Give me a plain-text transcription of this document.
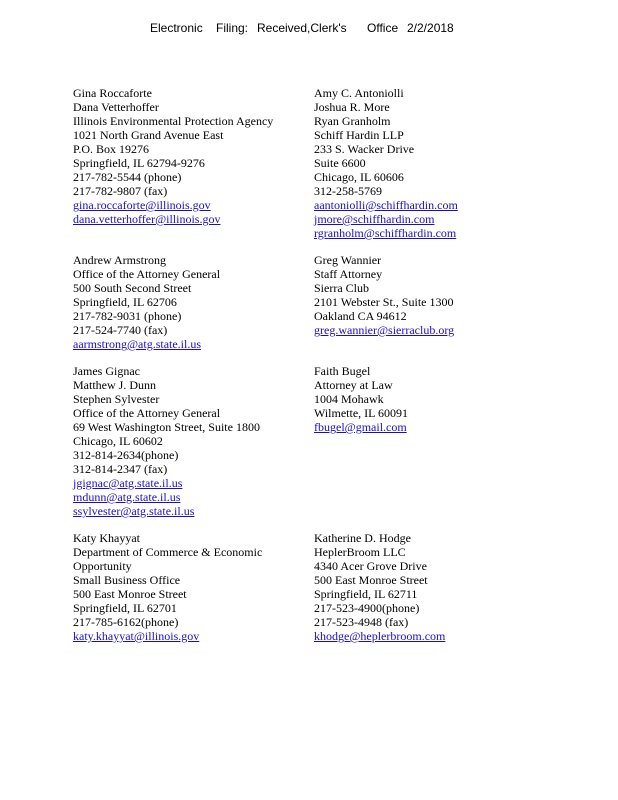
Electronic Filing: Received,Clerk's Office 2/2/2018
Gina Roccaforte
Dana Vetterhoffer
Illinois Environmental Protection Agency
1021 North Grand Avenue East
P.O. Box 19276
Springfield, IL 62794-9276
217-782-5544 (phone)
217-782-9807 (fax)
gina.roccaforte@illinois.gov
dana.vetterhoffer@illinois.gov
Amy C. Antoniolli
Joshua R. More
Ryan Granholm
Schiff Hardin LLP
233 S. Wacker Drive
Suite 6600
Chicago, IL 60606
312-258-5769
aantoniolli@schiffhardin.com
jmore@schiffhardin.com
rgranholm@schiffhardin.com
Andrew Armstrong
Office of the Attorney General
500 South Second Street
Springfield, IL 62706
217-782-9031 (phone)
217-524-7740 (fax)
aarmstrong@atg.state.il.us
Greg Wannier
Staff Attorney
Sierra Club
2101 Webster St., Suite 1300
Oakland CA 94612
greg.wannier@sierraclub.org
James Gignac
Matthew J. Dunn
Stephen Sylvester
Office of the Attorney General
69 West Washington Street, Suite 1800
Chicago, IL 60602
312-814-2634(phone)
312-814-2347 (fax)
jgignac@atg.state.il.us
mdunn@atg.state.il.us
ssylvester@atg.state.il.us
Faith Bugel
Attorney at Law
1004 Mohawk
Wilmette, IL 60091
fbugel@gmail.com
Katy Khayyat
Department of Commerce & Economic
Opportunity
Small Business Office
500 East Monroe Street
Springfield, IL 62701
217-785-6162(phone)
katy.khayyat@illinois.gov
Katherine D. Hodge
HeplerBroom LLC
4340 Acer Grove Drive
500 East Monroe Street
Springfield, IL 62711
217-523-4900(phone)
217-523-4948 (fax)
khodge@heplerbroom.com
